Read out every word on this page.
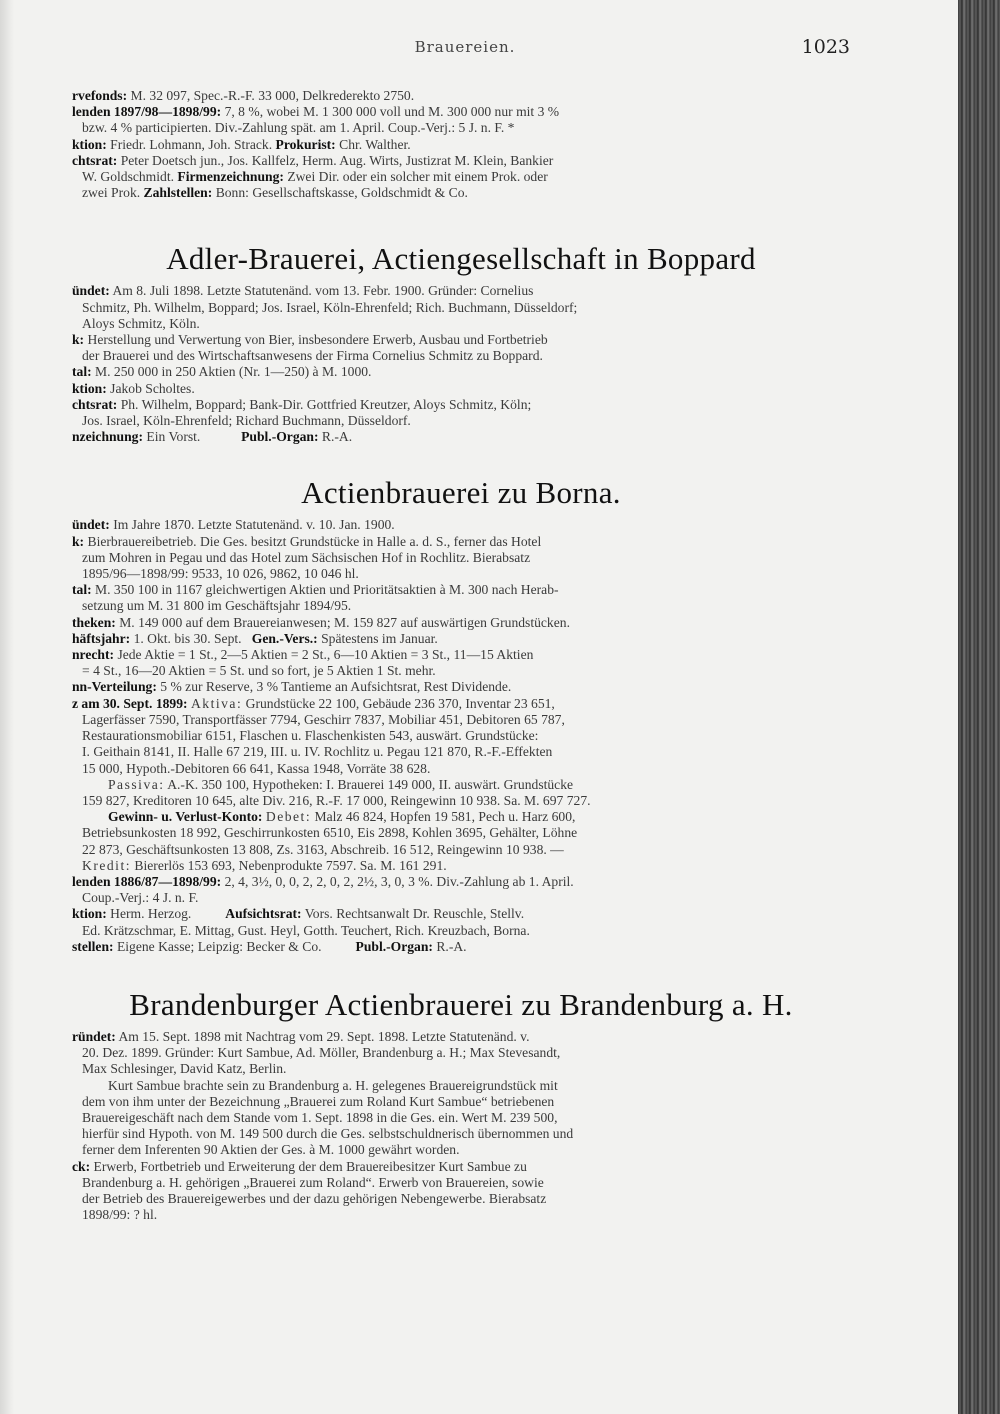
Brauereien.	1023

rvefonds: M. 32 097, Spec.-R.-F. 33 000, Delkrederekto 2750.

lenden 1897/98—1898/99: 7, 8 %, wobei M. 1 300 000 voll und M. 300 000 nur mit 3 %

bzw. 4 % participierten. Div.-Zahlung spät. am 1. April. Coup.-Verj.: 5 J. n. F. *

ktion: Friedr. Lohmann, Joh. Strack. Prokurist: Chr. Walther.

chtsrat: Peter Doetsch jun., Jos. Kallfelz, Herm. Aug. Wirts, Justizrat M. Klein, Bankier

W. Goldschmidt. Firmenzeichnung: Zwei Dir. oder ein solcher mit einem Prok. oder

zwei Prok. Zahlstellen: Bonn: Gesellschaftskasse, Goldschmidt & Co.

Adler-Brauerei, Actiengesellschaft in Boppard

ündet: Am 8. Juli 1898. Letzte Statutenänd. vom 13. Febr. 1900. Gründer: Cornelius

Schmitz, Ph. Wilhelm, Boppard; Jos. Israel, Köln-Ehrenfeld; Rich. Buchmann, Düsseldorf;

Aloys Schmitz, Köln.

k: Herstellung und Verwertung von Bier, insbesondere Erwerb, Ausbau und Fortbetrieb

der Brauerei und des Wirtschaftsanwesens der Firma Cornelius Schmitz zu Boppard.

tal: M. 250 000 in 250 Aktien (Nr. 1—250) à M. 1000.

ktion: Jakob Scholtes.

chtsrat: Ph. Wilhelm, Boppard; Bank-Dir. Gottfried Kreutzer, Aloys Schmitz, Köln;

Jos. Israel, Köln-Ehrenfeld; Richard Buchmann, Düsseldorf.

nzeichnung: Ein Vorst.	Publ.-Organ: R.-A.

Actienbrauerei zu Borna.

ündet: Im Jahre 1870. Letzte Statutenänd. v. 10. Jan. 1900.

k: Bierbrauereibetrieb. Die Ges. besitzt Grundstücke in Halle a. d. S., ferner das Hotel

zum Mohren in Pegau und das Hotel zum Sächsischen Hof in Rochlitz. Bierabsatz

1895/96—1898/99: 9533, 10 026, 9862, 10 046 hl.

tal: M. 350 100 in 1167 gleichwertigen Aktien und Prioritätsaktien à M. 300 nach Herab-

setzung um M. 31 800 im Geschäftsjahr 1894/95.

theken: M. 149 000 auf dem Brauereianwesen; M. 159 827 auf auswärtigen Grundstücken.

häftsjahr: 1. Okt. bis 30. Sept. Gen.-Vers.: Spätestens im Januar.

nrecht: Jede Aktie = 1 St., 2—5 Aktien = 2 St., 6—10 Aktien = 3 St., 11—15 Aktien

= 4 St., 16—20 Aktien = 5 St. und so fort, je 5 Aktien 1 St. mehr.

nn-Verteilung: 5 % zur Reserve, 3 % Tantieme an Aufsichtsrat, Rest Dividende.

z am 30. Sept. 1899: Aktiva: Grundstücke 22 100, Gebäude 236 370, Inventar 23 651,

Lagerfässer 7590, Transportfässer 7794, Geschirr 7837, Mobiliar 451, Debitoren 65 787,

Restaurationsmobiliar 6151, Flaschen u. Flaschenkisten 543, auswärt. Grundstücke:

I. Geithain 8141, II. Halle 67 219, III. u. IV. Rochlitz u. Pegau 121 870, R.-F.-Effekten

15 000, Hypoth.-Debitoren 66 641, Kassa 1948, Vorräte 38 628.

Passiva: A.-K. 350 100, Hypotheken: I. Brauerei 149 000, II. auswärt. Grundstücke

159 827, Kreditoren 10 645, alte Div. 216, R.-F. 17 000, Reingewinn 10 938. Sa. M. 697 727.

Gewinn- u. Verlust-Konto: Debet: Malz 46 824, Hopfen 19 581, Pech u. Harz 600,

Betriebsunkosten 18 992, Geschirrunkosten 6510, Eis 2898, Kohlen 3695, Gehälter, Löhne

22 873, Geschäftsunkosten 13 808, Zs. 3163, Abschreib. 16 512, Reingewinn 10 938. —

Kredit: Biererlös 153 693, Nebenprodukte 7597. Sa. M. 161 291.

lenden 1886/87—1898/99: 2, 4, 3½, 0, 0, 2, 2, 0, 2, 2½, 3, 0, 3 %. Div.-Zahlung ab 1. April.

Coup.-Verj.: 4 J. n. F.

ktion: Herm. Herzog. Aufsichtsrat: Vors. Rechtsanwalt Dr. Reuschle, Stellv.

Ed. Krätzschmar, E. Mittag, Gust. Heyl, Gotth. Teuchert, Rich. Kreuzbach, Borna.

stellen: Eigene Kasse; Leipzig: Becker & Co. Publ.-Organ: R.-A.

Brandenburger Actienbrauerei zu Brandenburg a. H.

ründet: Am 15. Sept. 1898 mit Nachtrag vom 29. Sept. 1898. Letzte Statutenänd. v.

20. Dez. 1899. Gründer: Kurt Sambue, Ad. Möller, Brandenburg a. H.; Max Stevesandt,

Max Schlesinger, David Katz, Berlin.

Kurt Sambue brachte sein zu Brandenburg a. H. gelegenes Brauereigrundstück mit

dem von ihm unter der Bezeichnung „Brauerei zum Roland Kurt Sambue“ betriebenen

Brauereigeschäft nach dem Stande vom 1. Sept. 1898 in die Ges. ein. Wert M. 239 500,

hierfür sind Hypoth. von M. 149 500 durch die Ges. selbstschuldnerisch übernommen und

ferner dem Inferenten 90 Aktien der Ges. à M. 1000 gewährt worden.

ck: Erwerb, Fortbetrieb und Erweiterung der dem Brauereibesitzer Kurt Sambue zu

Brandenburg a. H. gehörigen „Brauerei zum Roland“. Erwerb von Brauereien, sowie

der Betrieb des Brauereigewerbes und der dazu gehörigen Nebengewerbe. Bierabsatz

1898/99: ? hl.
